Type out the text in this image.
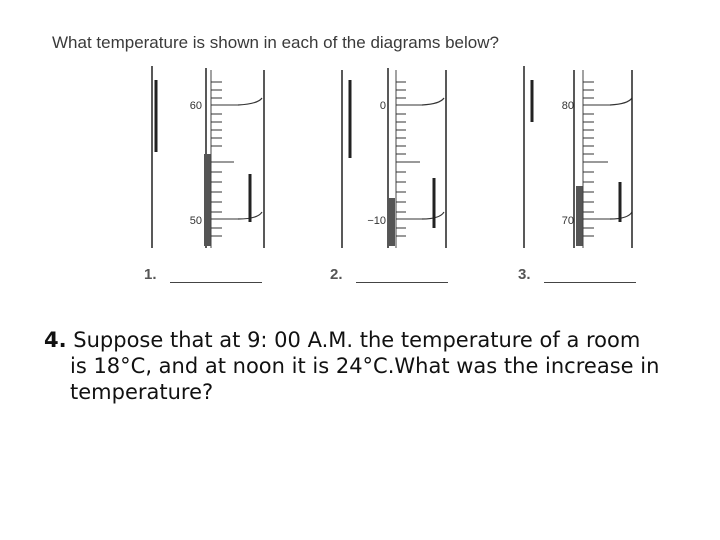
What temperature is shown in each of the diagrams below?
60
50
0
−10
80
70
1.	2.	3.
4. Suppose that at 9: 00 A.M. the temperature of a room
is 18°C, and at noon it is 24°C.What was the increase in
temperature?
